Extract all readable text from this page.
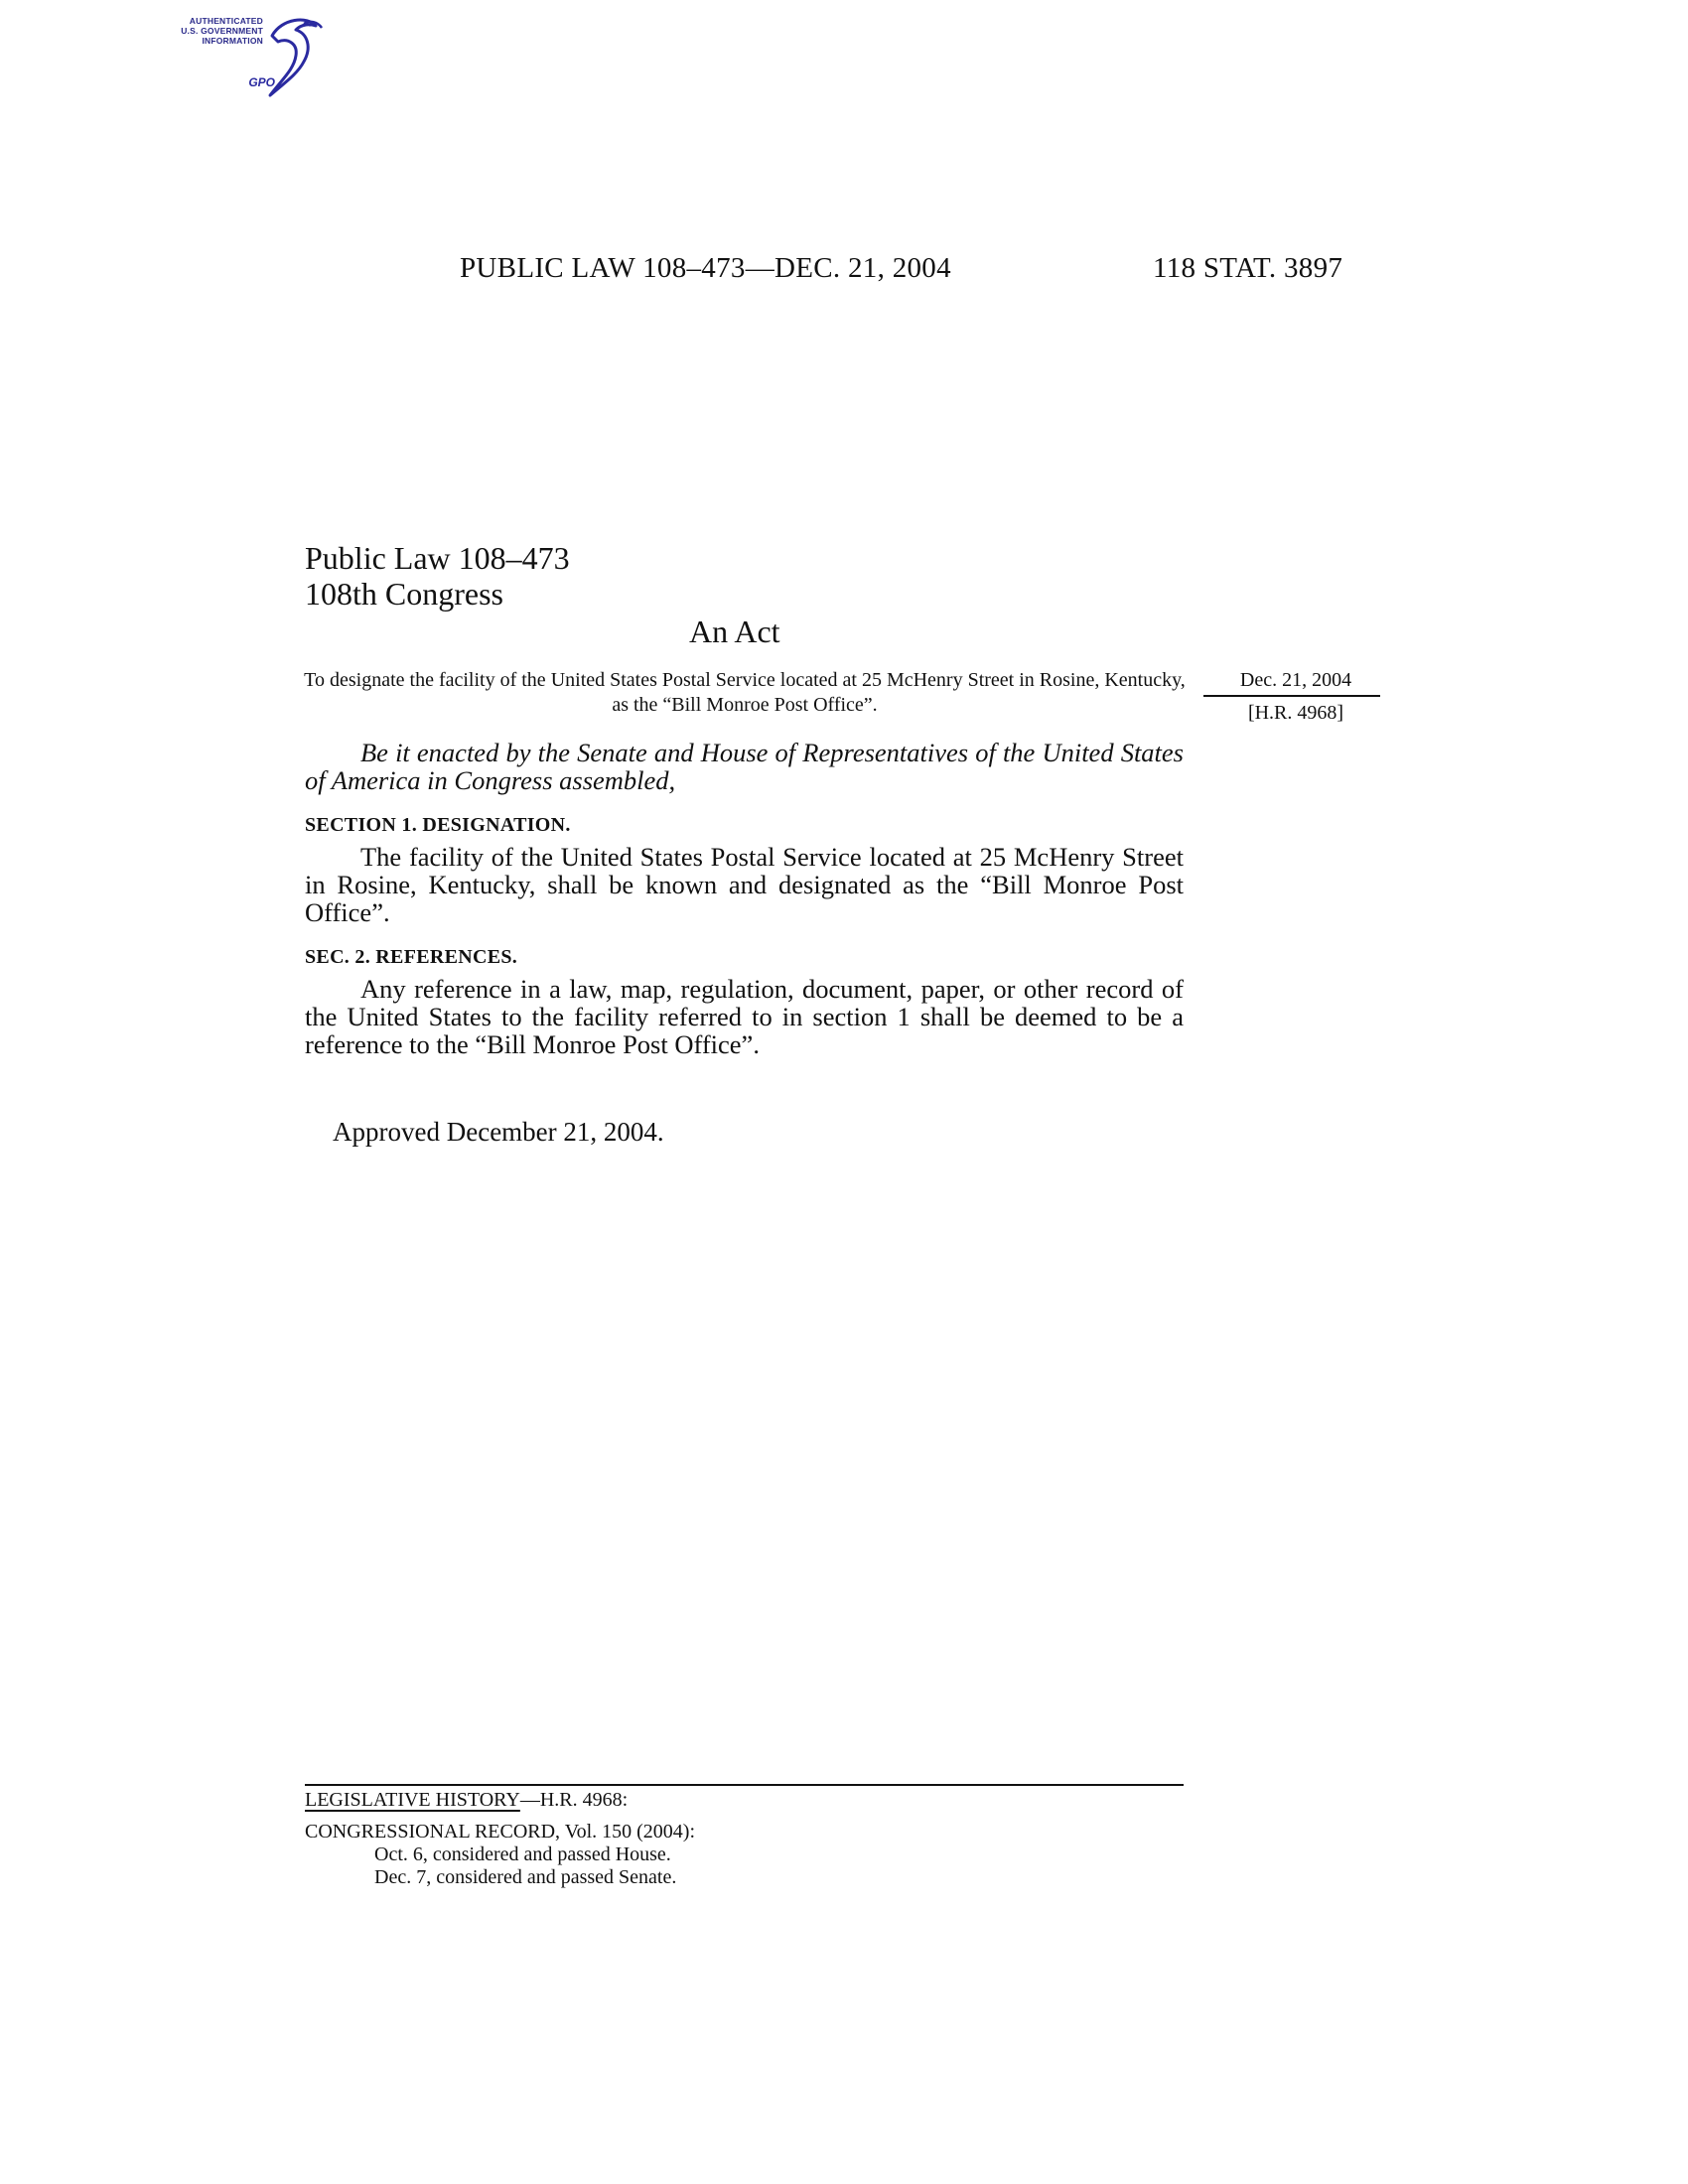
AUTHENTICATED
U.S. GOVERNMENT
INFORMATION
GPO
PUBLIC LAW 108–473—DEC. 21, 2004	118 STAT. 3897
Public Law 108–473
108th Congress
An Act
To designate the facility of the United States Postal Service located at 25 McHenry Street in Rosine, Kentucky, as the “Bill Monroe Post Office”.
Dec. 21, 2004
[H.R. 4968]
Be it enacted by the Senate and House of Representatives of the United States of America in Congress assembled,
SECTION 1. DESIGNATION.
The facility of the United States Postal Service located at 25 McHenry Street in Rosine, Kentucky, shall be known and designated as the “Bill Monroe Post Office”.
SEC. 2. REFERENCES.
Any reference in a law, map, regulation, document, paper, or other record of the United States to the facility referred to in section 1 shall be deemed to be a reference to the “Bill Monroe Post Office”.
Approved December 21, 2004.
LEGISLATIVE HISTORY—H.R. 4968:
CONGRESSIONAL RECORD, Vol. 150 (2004):
Oct. 6, considered and passed House.
Dec. 7, considered and passed Senate.
